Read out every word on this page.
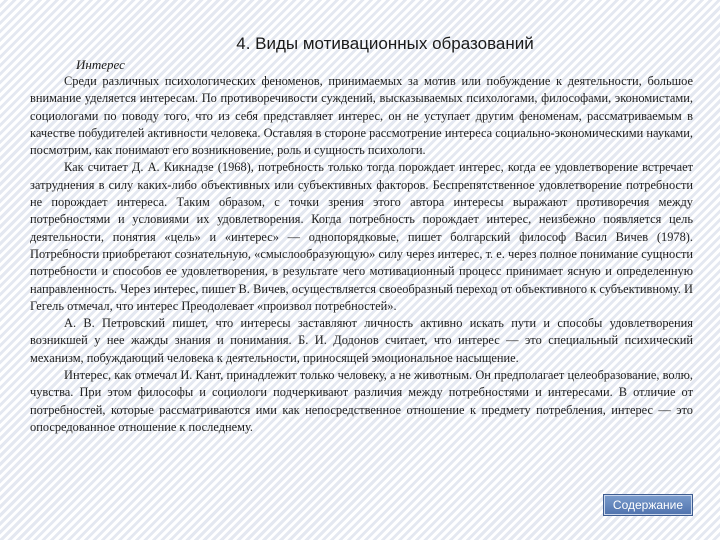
4. Виды мотивационных образований
Интерес

Среди различных психологических феноменов, принимаемых за мотив или побуждение к деятельности, большое внимание уделяется интересам. По противоречивости суждений, высказываемых психологами, философами, экономистами, социологами по поводу того, что из себя представляет интерес, он не уступает другим феноменам, рассматриваемым в качестве побудителей активности человека. Оставляя в стороне рассмотрение интереса социально-экономическими науками, посмотрим, как понимают его возникновение, роль и сущность психологи.

Как считает Д. А. Кикнадзе (1968), потребность только тогда порождает интерес, когда ее удовлетворение встречает затруднения в силу каких-либо объективных или субъективных факторов. Беспрепятственное удовлетворение потребности не порождает интереса. Таким образом, с точки зрения этого автора интересы выражают противоречия между потребностями и условиями их удовлетворения. Когда потребность порождает интерес, неизбежно появляется цель деятельности, понятия «цель» и «интерес» — однопорядковые, пишет болгарский философ Васил Вичев (1978). Потребности приобретают сознательную, «смыслообразующую» силу через интерес, т. е. через полное понимание сущности потребности и способов ее удовлетворения, в результате чего мотивационный процесс принимает ясную и определенную направленность. Через интерес, пишет В. Вичев, осуществляется своеобразный переход от объективного к субъективному. И Гегель отмечал, что интерес Преодолевает «произвол потребностей».

А. В. Петровский пишет, что интересы заставляют личность активно искать пути и способы удовлетворения возникшей у нее жажды знания и понимания. Б. И. Додонов считает, что интерес — это специальный психический механизм, побуждающий человека к деятельности, приносящей эмоциональное насыщение.

Интерес, как отмечал И. Кант, принадлежит только человеку, а не животным. Он предполагает целеобразование, волю, чувства. При этом философы и социологи подчеркивают различия между потребностями и интересами. В отличие от потребностей, которые рассматриваются ими как непосредственное отношение к предмету потребления, интерес — это опосредованное отношение к последнему.

Содержание
